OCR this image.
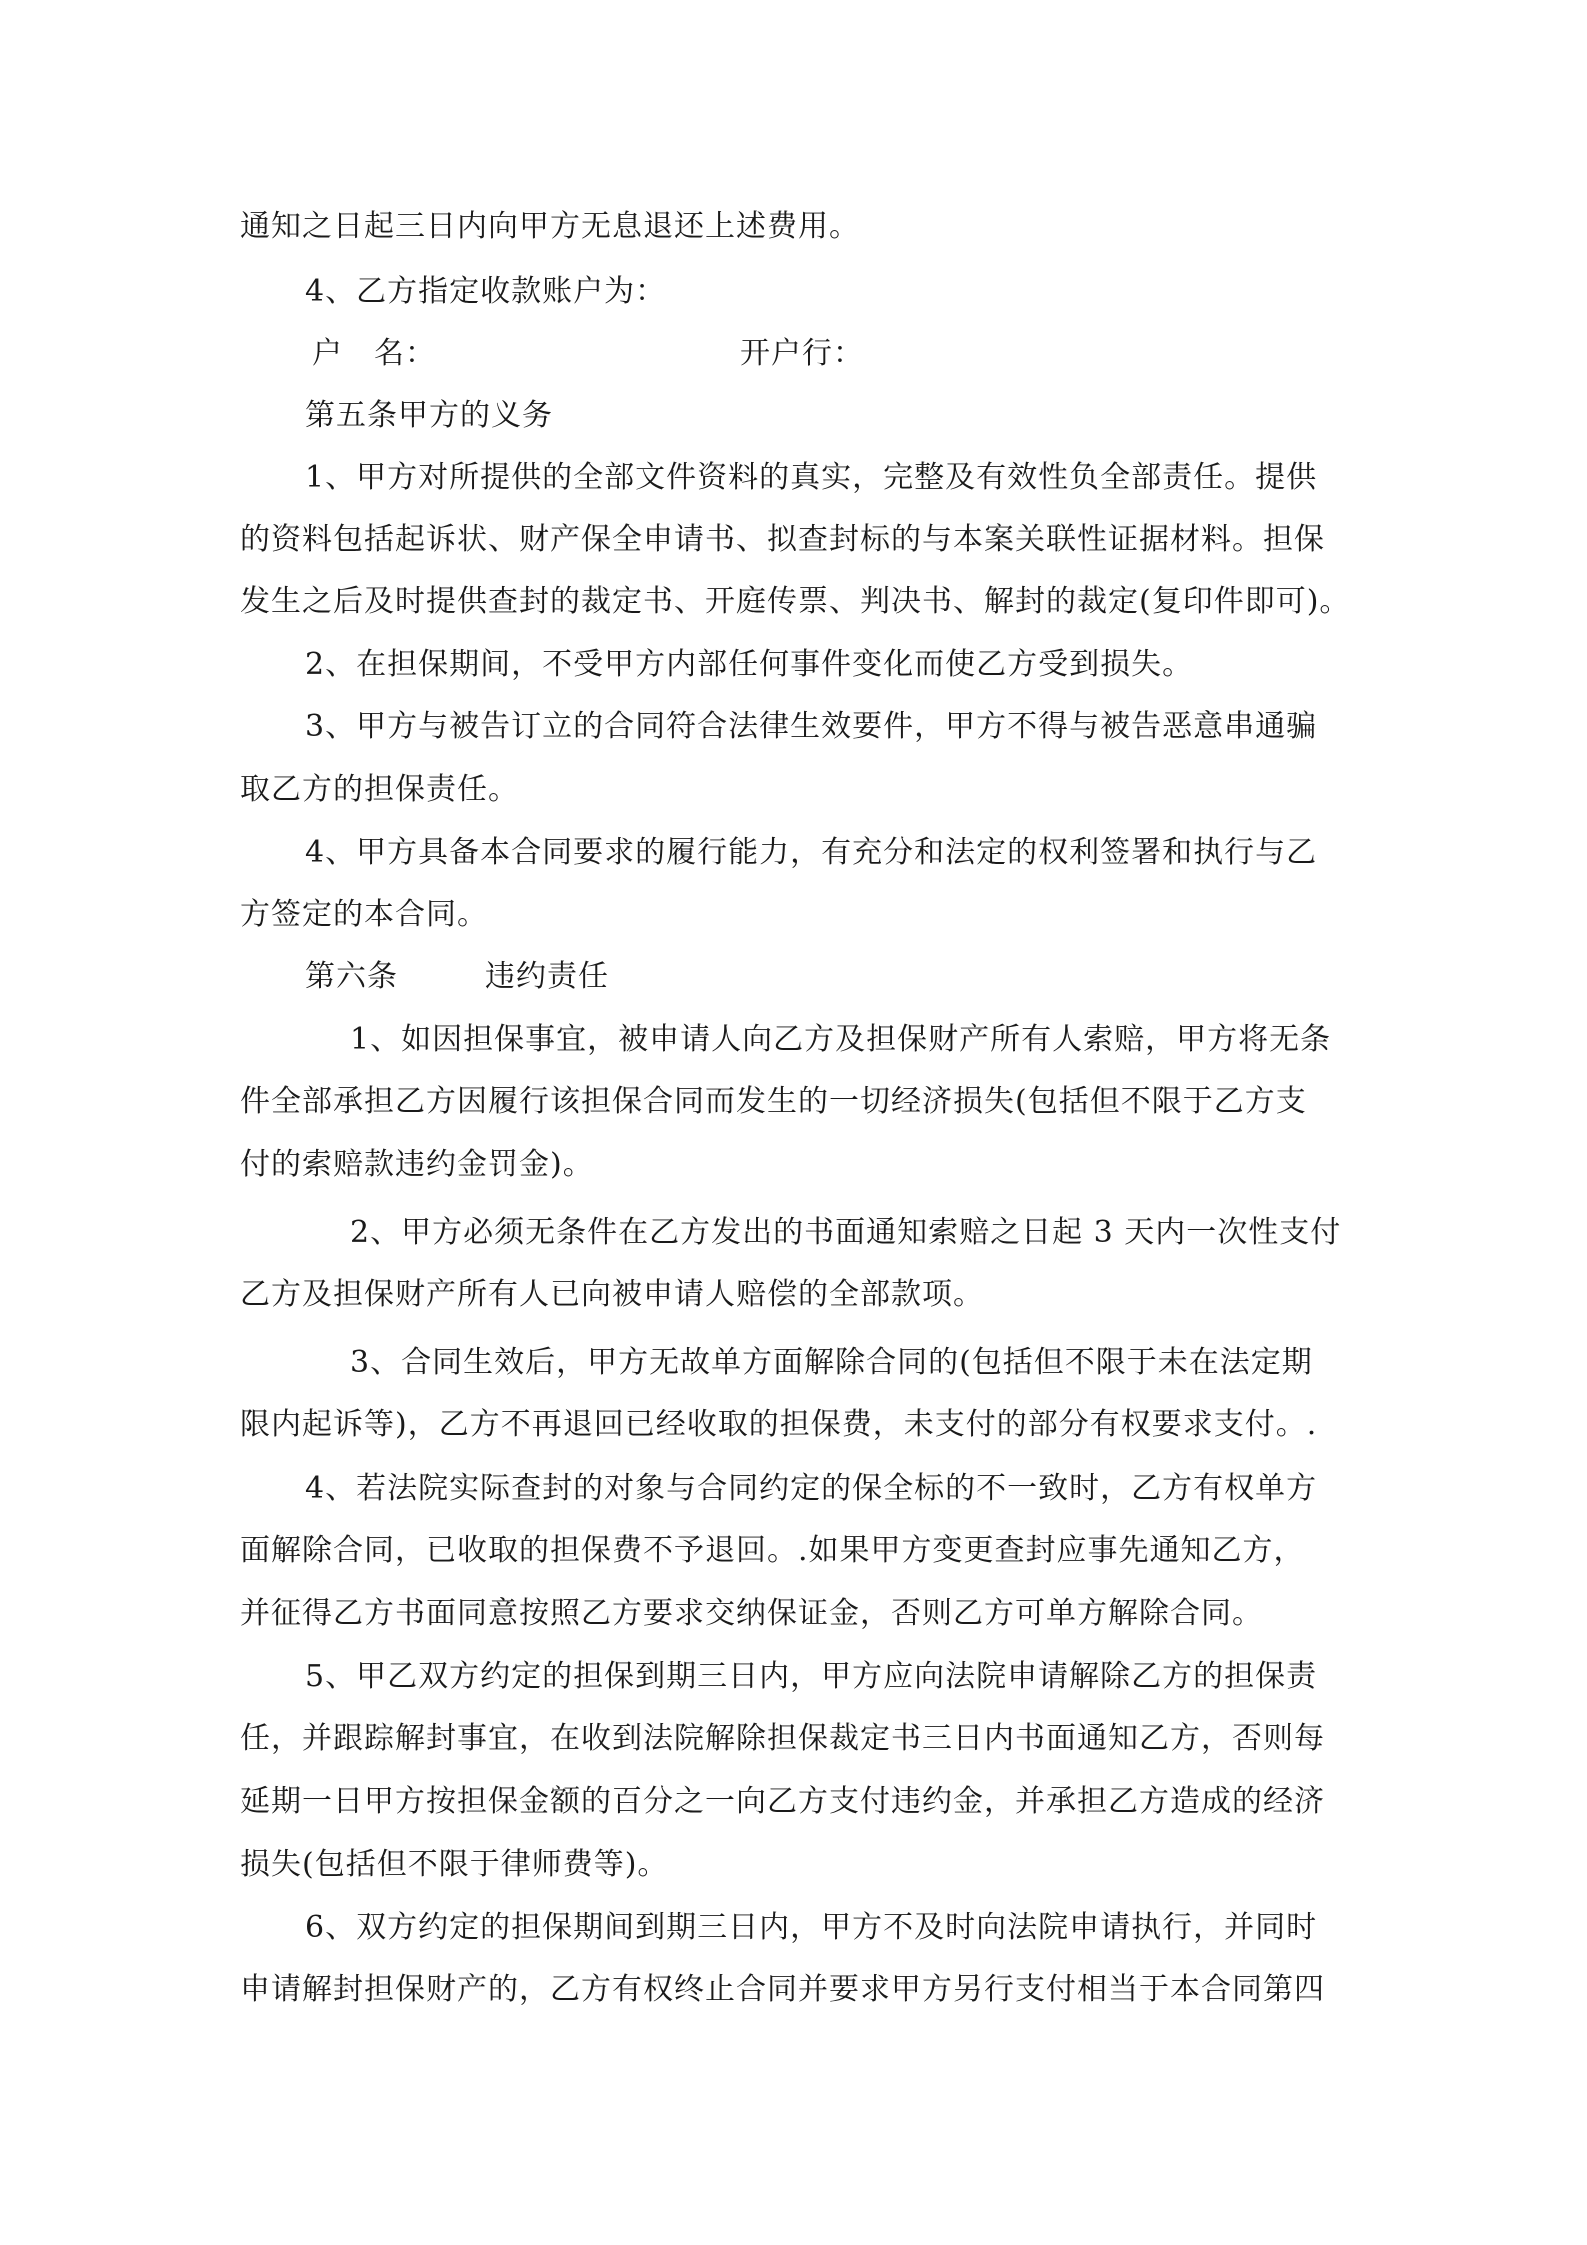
通知之日起三日内向甲方无息退还上述费用。
4、乙方指定收款账户为：
户　名：	开户行：
第五条甲方的义务
1、甲方对所提供的全部文件资料的真实，完整及有效性负全部责任。提供
的资料包括起诉状、财产保全申请书、拟查封标的与本案关联性证据材料。担保
发生之后及时提供查封的裁定书、开庭传票、判决书、解封的裁定(复印件即可)。
2、在担保期间，不受甲方内部任何事件变化而使乙方受到损失。
3、甲方与被告订立的合同符合法律生效要件，甲方不得与被告恶意串通骗
取乙方的担保责任。
4、甲方具备本合同要求的履行能力，有充分和法定的权利签署和执行与乙
方签定的本合同。
第六条	违约责任
1、如因担保事宜，被申请人向乙方及担保财产所有人索赔，甲方将无条
件全部承担乙方因履行该担保合同而发生的一切经济损失(包括但不限于乙方支
付的索赔款违约金罚金)。
2、甲方必须无条件在乙方发出的书面通知索赔之日起 3 天内一次性支付
乙方及担保财产所有人已向被申请人赔偿的全部款项。
3、合同生效后，甲方无故单方面解除合同的(包括但不限于未在法定期
限内起诉等)，乙方不再退回已经收取的担保费，未支付的部分有权要求支付。.
4、若法院实际查封的对象与合同约定的保全标的不一致时，乙方有权单方
面解除合同，已收取的担保费不予退回。.如果甲方变更查封应事先通知乙方，
并征得乙方书面同意按照乙方要求交纳保证金，否则乙方可单方解除合同。
5、甲乙双方约定的担保到期三日内，甲方应向法院申请解除乙方的担保责
任，并跟踪解封事宜，在收到法院解除担保裁定书三日内书面通知乙方，否则每
延期一日甲方按担保金额的百分之一向乙方支付违约金，并承担乙方造成的经济
损失(包括但不限于律师费等)。
6、双方约定的担保期间到期三日内，甲方不及时向法院申请执行，并同时
申请解封担保财产的，乙方有权终止合同并要求甲方另行支付相当于本合同第四
